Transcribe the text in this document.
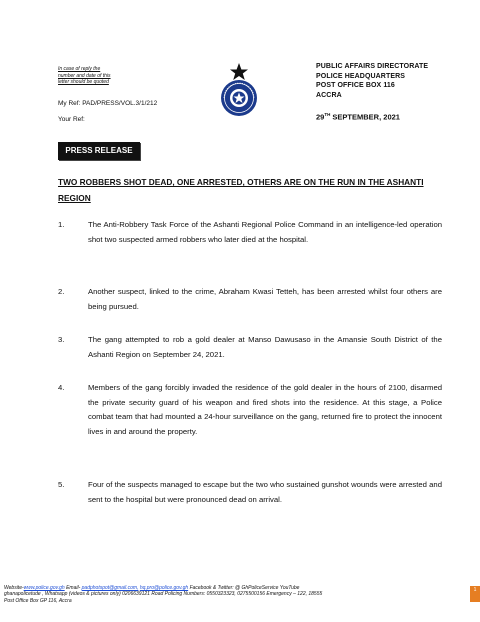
In case of reply the
number and date of this
letter should be quoted
My Ref: PAD/PRESS/VOL.3/1/212
Your Ref:
PUBLIC AFFAIRS DIRECTORATE
POLICE HEADQUARTERS
POST OFFICE BOX 116
ACCRA
29TH SEPTEMBER, 2021
PRESS RELEASE
TWO ROBBERS SHOT DEAD, ONE ARRESTED, OTHERS ARE ON THE RUN IN THE ASHANTI REGION
1.	The Anti-Robbery Task Force of the Ashanti Regional Police Command in an intelligence-led operation shot two suspected armed robbers who later died at the hospital.
2.	Another suspect, linked to the crime, Abraham Kwasi Tetteh, has been arrested whilst four others are being pursued.
3.	The gang attempted to rob a gold dealer at Manso Dawusaso in the Amansie South District of the Ashanti Region on September 24, 2021.
4.	Members of the gang forcibly invaded the residence of the gold dealer in the hours of 2100, disarmed the private security guard of his weapon and fired shots into the residence. At this stage, a Police combat team that had mounted a 24-hour surveillance on the gang, returned fire to protect the innocent lives in and around the property.
5.	Four of the suspects managed to escape but the two who sustained gunshot wounds were arrested and sent to the hospital but were pronounced dead on arrival.
Website-www.police.gov.gh Email- padphotspot@gmail.com, hq.pro@police.gov.gh Facebook & Twitter: @ GhPoliceService YouTube
ghanapolicetude , Whatsapp (videos & pictures only) 0206639121 Road Policing Numbers: 0550323323, 0275500156 Emergency – 122, 18555
Post Office Box GP 116, Accra
1
